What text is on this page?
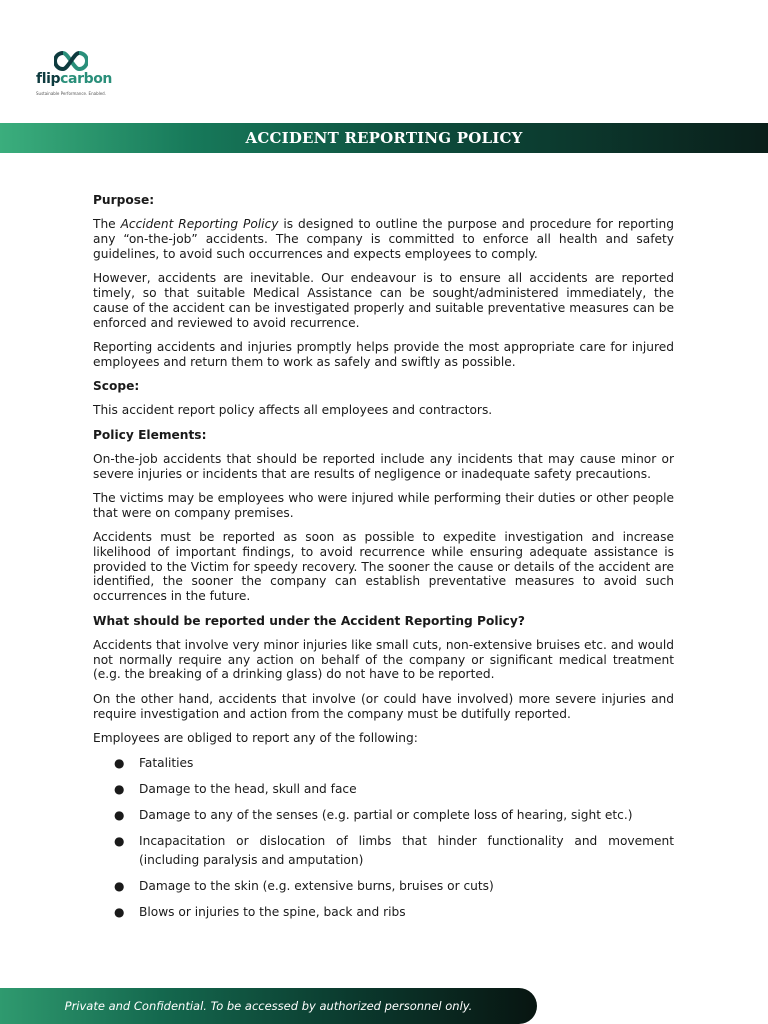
flipcarbon
Sustainable Performance. Enabled.
ACCIDENT REPORTING POLICY
Purpose:

The Accident Reporting Policy is designed to outline the purpose and procedure for reporting any “on-the-job” accidents. The company is committed to enforce all health and safety guidelines, to avoid such occurrences and expects employees to comply.

However, accidents are inevitable. Our endeavour is to ensure all accidents are reported timely, so that suitable Medical Assistance can be sought/administered immediately, the cause of the accident can be investigated properly and suitable preventative measures can be enforced and reviewed to avoid recurrence.

Reporting accidents and injuries promptly helps provide the most appropriate care for injured employees and return them to work as safely and swiftly as possible.

Scope:

This accident report policy affects all employees and contractors.

Policy Elements:

On-the-job accidents that should be reported include any incidents that may cause minor or severe injuries or incidents that are results of negligence or inadequate safety precautions.

The victims may be employees who were injured while performing their duties or other people that were on company premises.

Accidents must be reported as soon as possible to expedite investigation and increase likelihood of important findings, to avoid recurrence while ensuring adequate assistance is provided to the Victim for speedy recovery. The sooner the cause or details of the accident are identified, the sooner the company can establish preventative measures to avoid such occurrences in the future.

What should be reported under the Accident Reporting Policy?

Accidents that involve very minor injuries like small cuts, non-extensive bruises etc. and would not normally require any action on behalf of the company or significant medical treatment (e.g. the breaking of a drinking glass) do not have to be reported.

On the other hand, accidents that involve (or could have involved) more severe injuries and require investigation and action from the company must be dutifully reported.

Employees are obliged to report any of the following:

● Fatalities
● Damage to the head, skull and face
● Damage to any of the senses (e.g. partial or complete loss of hearing, sight etc.)
● Incapacitation or dislocation of limbs that hinder functionality and movement (including paralysis and amputation)
● Damage to the skin (e.g. extensive burns, bruises or cuts)
● Blows or injuries to the spine, back and ribs
Private and Confidential. To be accessed by authorized personnel only.
